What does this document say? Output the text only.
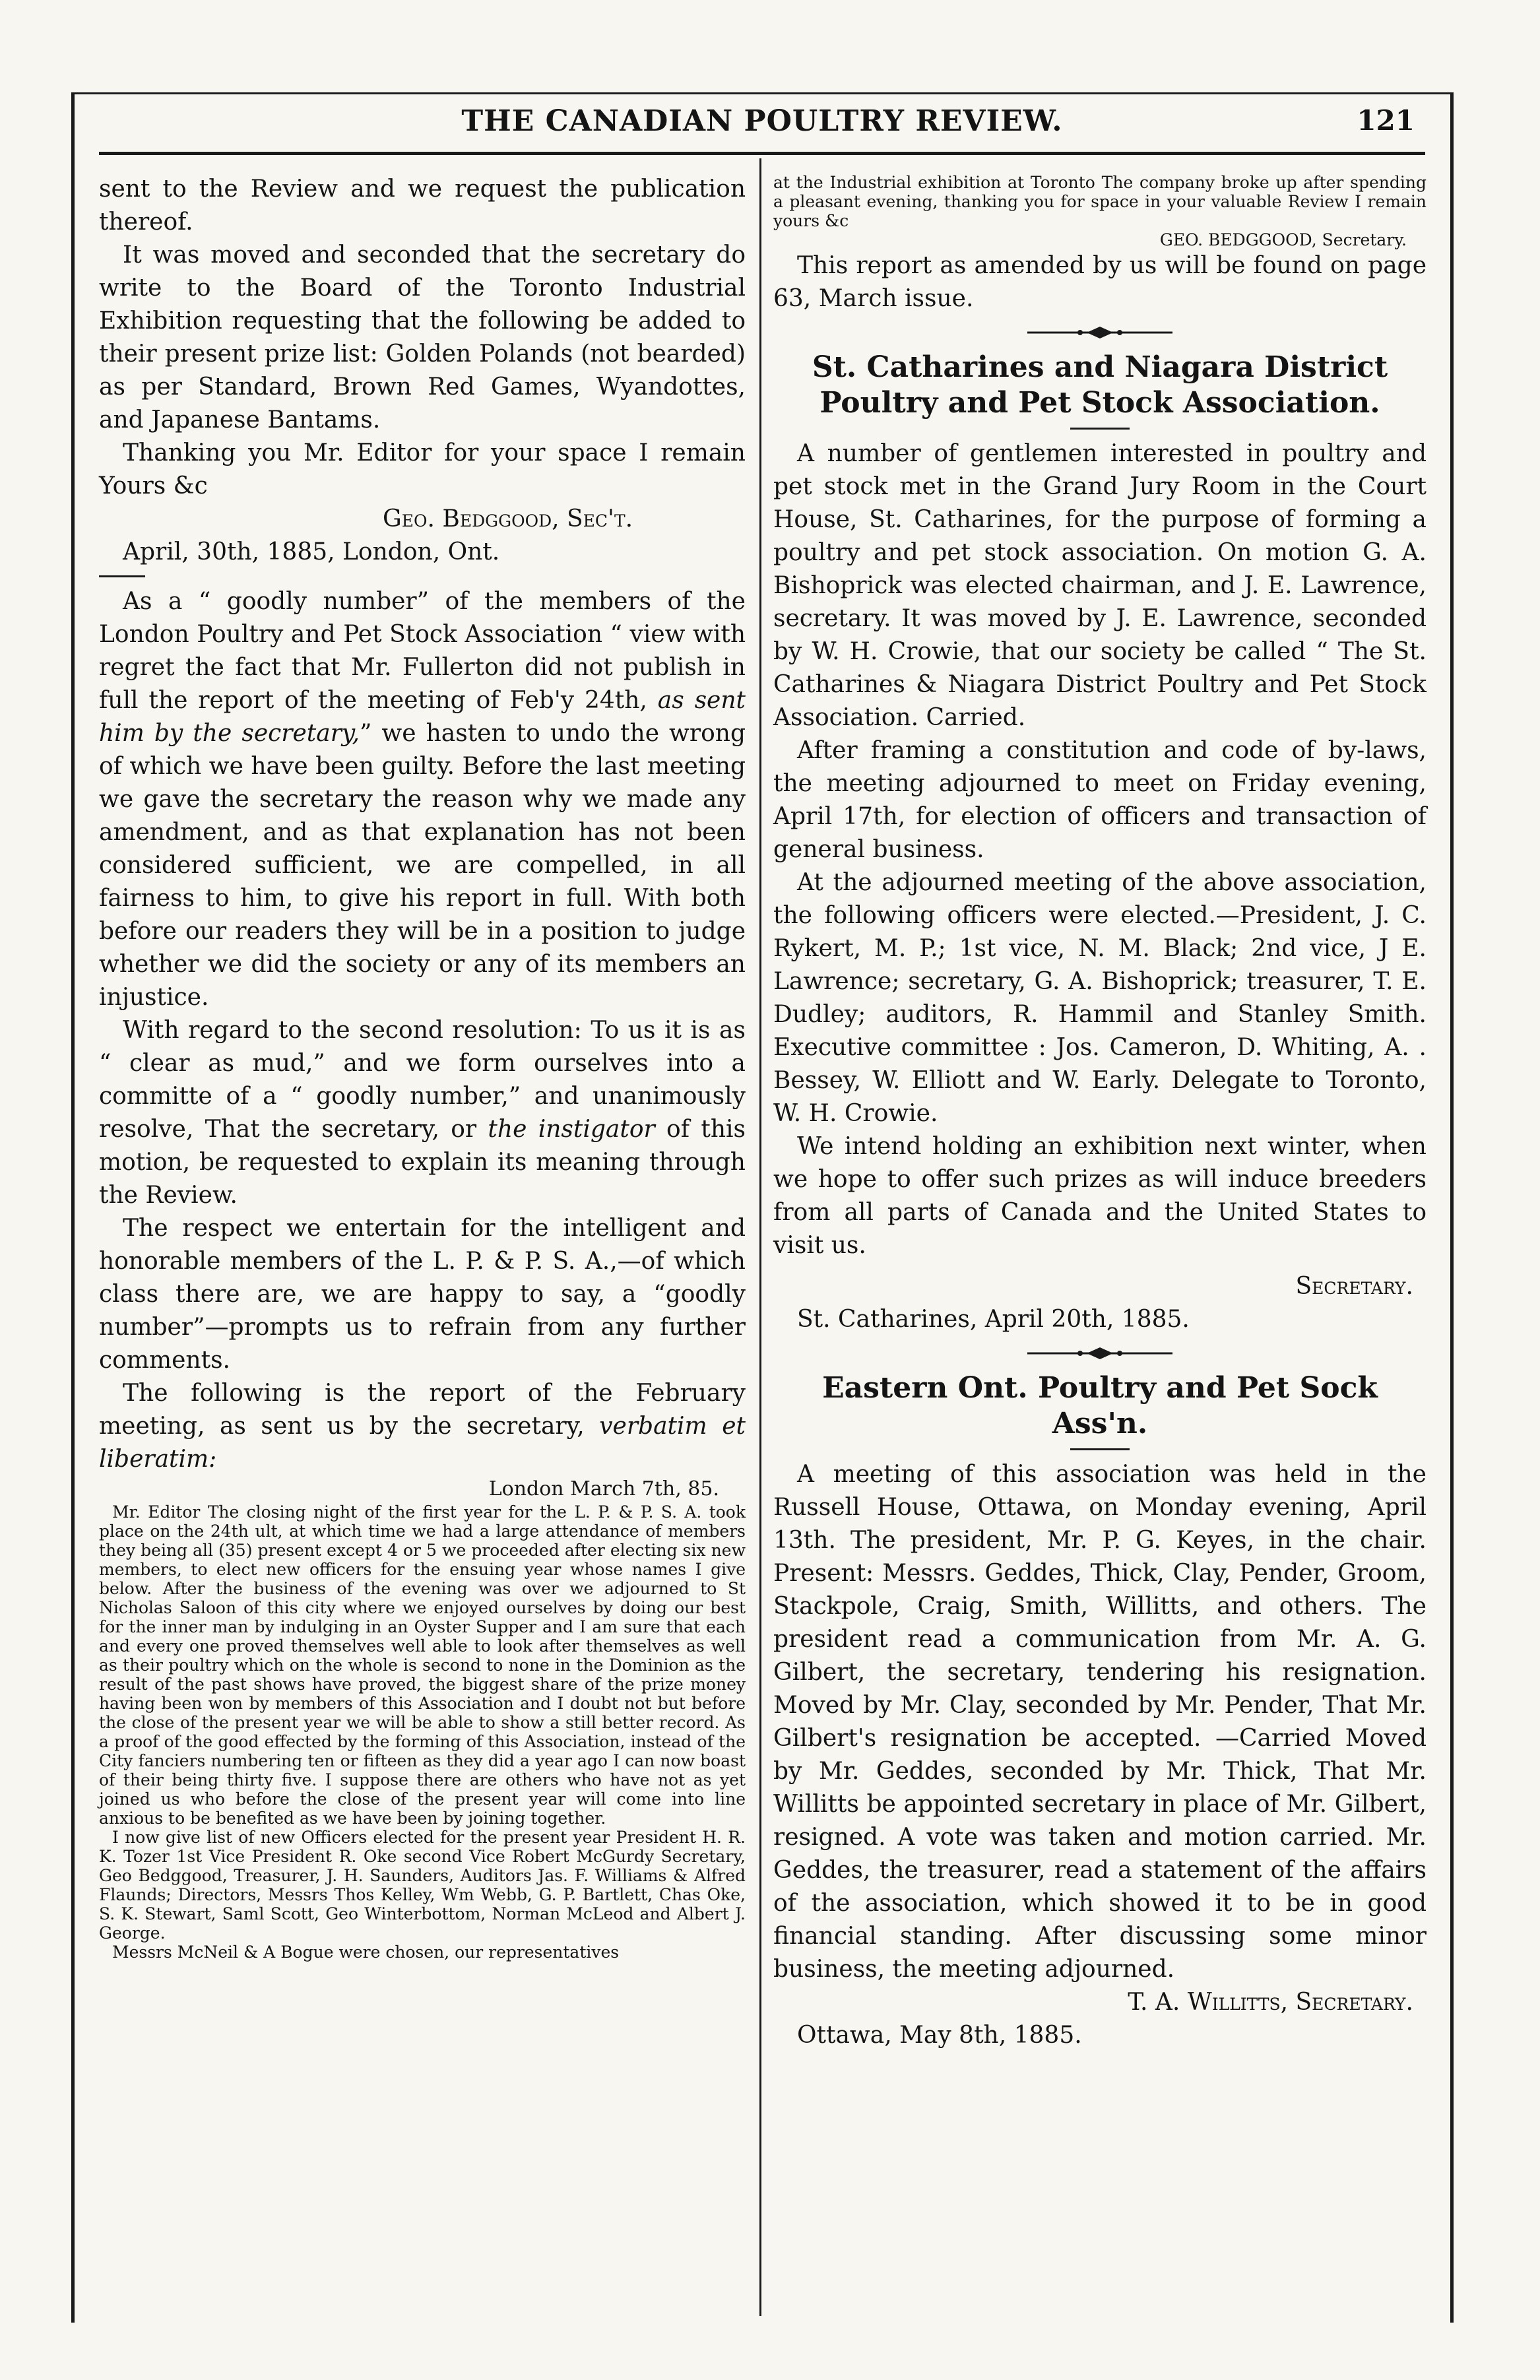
THE CANADIAN POULTRY REVIEW.	121

sent to the Review and we request the publication thereof.

It was moved and seconded that the secretary do write to the Board of the Toronto Industrial Exhibition requesting that the following be added to their present prize list: Golden Polands (not bearded) as per Standard, Brown Red Games, Wyandottes, and Japanese Bantams.

Thanking you Mr. Editor for your space I remain Yours &c

Geo. Bedggood, Sec't.

April, 30th, 1885, London, Ont.

As a “ goodly number” of the members of the London Poultry and Pet Stock Association “ view with regret the fact that Mr. Fullerton did not publish in full the report of the meeting of Feb'y 24th, as sent him by the secretary,” we hasten to undo the wrong of which we have been guilty. Before the last meeting we gave the secretary the reason why we made any amendment, and as that explanation has not been considered sufficient, we are compelled, in all fairness to him, to give his report in full. With both before our readers they will be in a position to judge whether we did the society or any of its members an injustice.

With regard to the second resolution: To us it is as “ clear as mud,” and we form ourselves into a committe of a “ goodly number,” and unanimously resolve, That the secretary, or the instigator of this motion, be requested to explain its meaning through the Review.

The respect we entertain for the intelligent and honorable members of the L. P. & P. S. A.,—of which class there are, we are happy to say, a “goodly number”—prompts us to refrain from any further comments.

The following is the report of the February meeting, as sent us by the secretary, verbatim et liberatim:

London March 7th, 85.

Mr. Editor The closing night of the first year for the L. P. & P. S. A. took place on the 24th ult, at which time we had a large attendance of members they being all (35) present except 4 or 5 we proceeded after electing six new members, to elect new officers for the ensuing year whose names I give below. After the business of the evening was over we adjourned to St Nicholas Saloon of this city where we enjoyed ourselves by doing our best for the inner man by indulging in an Oyster Supper and I am sure that each and every one proved themselves well able to look after themselves as well as their poultry which on the whole is second to none in the Dominion as the result of the past shows have proved, the biggest share of the prize money having been won by members of this Association and I doubt not but before the close of the present year we will be able to show a still better record. As a proof of the good effected by the forming of this Association, instead of the City fanciers numbering ten or fifteen as they did a year ago I can now boast of their being thirty five. I suppose there are others who have not as yet joined us who before the close of the present year will come into line anxious to be benefited as we have been by joining together.

I now give list of new Officers elected for the present year President H. R. K. Tozer 1st Vice President R. Oke second Vice Robert McGurdy Secretary, Geo Bedggood, Treasurer, J. H. Saunders, Auditors Jas. F. Williams & Alfred Flaunds; Directors, Messrs Thos Kelley, Wm Webb, G. P. Bartlett, Chas Oke, S. K. Stewart, Saml Scott, Geo Winterbottom, Norman McLeod and Albert J. George.

Messrs McNeil & A Bogue were chosen, our representatives

at the Industrial exhibition at Toronto The company broke up after spending a pleasant evening, thanking you for space in your valuable Review I remain yours &c

GEO. BEDGGOOD, Secretary.

This report as amended by us will be found on page 63, March issue.

St. Catharines and Niagara District Poultry and Pet Stock Association.

A number of gentlemen interested in poultry and pet stock met in the Grand Jury Room in the Court House, St. Catharines, for the purpose of forming a poultry and pet stock association. On motion G. A. Bishoprick was elected chairman, and J. E. Lawrence, secretary. It was moved by J. E. Lawrence, seconded by W. H. Crowie, that our society be called “ The St. Catharines & Niagara District Poultry and Pet Stock Association. Carried.

After framing a constitution and code of by-laws, the meeting adjourned to meet on Friday evening, April 17th, for election of officers and transaction of general business.

At the adjourned meeting of the above association, the following officers were elected.—President, J. C. Rykert, M. P.; 1st vice, N. M. Black; 2nd vice, J E. Lawrence; secretary, G. A. Bishoprick; treasurer, T. E. Dudley; auditors, R. Hammil and Stanley Smith. Executive committee : Jos. Cameron, D. Whiting, A. . Bessey, W. Elliott and W. Early. Delegate to Toronto, W. H. Crowie.

We intend holding an exhibition next winter, when we hope to offer such prizes as will induce breeders from all parts of Canada and the United States to visit us.

Secretary.

St. Catharines, April 20th, 1885.

Eastern Ont. Poultry and Pet Sock Ass'n.

A meeting of this association was held in the Russell House, Ottawa, on Monday evening, April 13th. The president, Mr. P. G. Keyes, in the chair. Present: Messrs. Geddes, Thick, Clay, Pender, Groom, Stackpole, Craig, Smith, Willitts, and others. The president read a communication from Mr. A. G. Gilbert, the secretary, tendering his resignation. Moved by Mr. Clay, seconded by Mr. Pender, That Mr. Gilbert's resignation be accepted. —Carried Moved by Mr. Geddes, seconded by Mr. Thick, That Mr. Willitts be appointed secretary in place of Mr. Gilbert, resigned. A vote was taken and motion carried. Mr. Geddes, the treasurer, read a statement of the affairs of the association, which showed it to be in good financial standing. After discussing some minor business, the meeting adjourned.

T. A. Willitts, Secretary.

Ottawa, May 8th, 1885.
